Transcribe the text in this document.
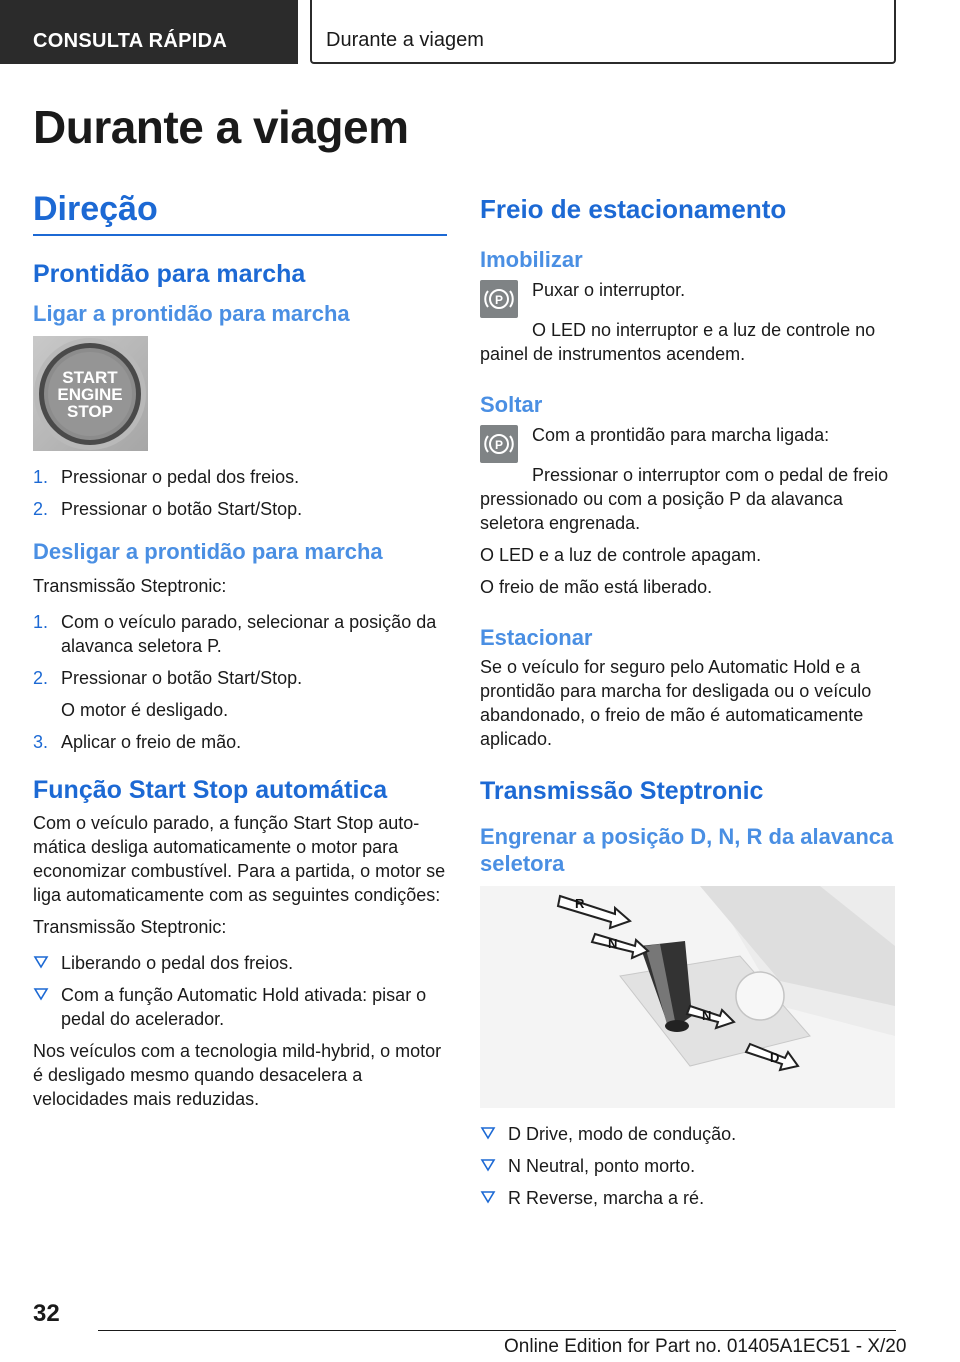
CONSULTA RÁPIDA	Durante a viagem
Durante a viagem
Direção
Prontidão para marcha
Ligar a prontidão para marcha
START
ENGINE
STOP
1. Pressionar o pedal dos freios.
2. Pressionar o botão Start/Stop.
Desligar a prontidão para marcha
Transmissão Steptronic:
1. Com o veículo parado, selecionar a posição da alavanca seletora P.
2. Pressionar o botão Start/Stop.
O motor é desligado.
3. Aplicar o freio de mão.
Função Start Stop automática
Com o veículo parado, a função Start Stop automática desliga automaticamente o motor para economizar combustível. Para a partida, o motor se liga automaticamente com as seguintes condições:
Transmissão Steptronic:
Liberando o pedal dos freios.
Com a função Automatic Hold ativada: pisar o pedal do acelerador.
Nos veículos com a tecnologia mild-hybrid, o motor é desligado mesmo quando desacelera a velocidades mais reduzidas.
Freio de estacionamento
Imobilizar
P Puxar o interruptor.
O LED no interruptor e a luz de controle no painel de instrumentos acendem.
Soltar
P Com a prontidão para marcha ligada:
Pressionar o interruptor com o pedal de freio pressionado ou com a posição P da alavanca seletora engrenada.
O LED e a luz de controle apagam.
O freio de mão está liberado.
Estacionar
Se o veículo for seguro pelo Automatic Hold e a prontidão para marcha for desligada ou o veículo abandonado, o freio de mão é automaticamente aplicado.
Transmissão Steptronic
Engrenar a posição D, N, R da alavanca seletora
R
N
N
D
D Drive, modo de condução.
N Neutral, ponto morto.
R Reverse, marcha a ré.
32
Online Edition for Part no. 01405A1EC51 - X/20
